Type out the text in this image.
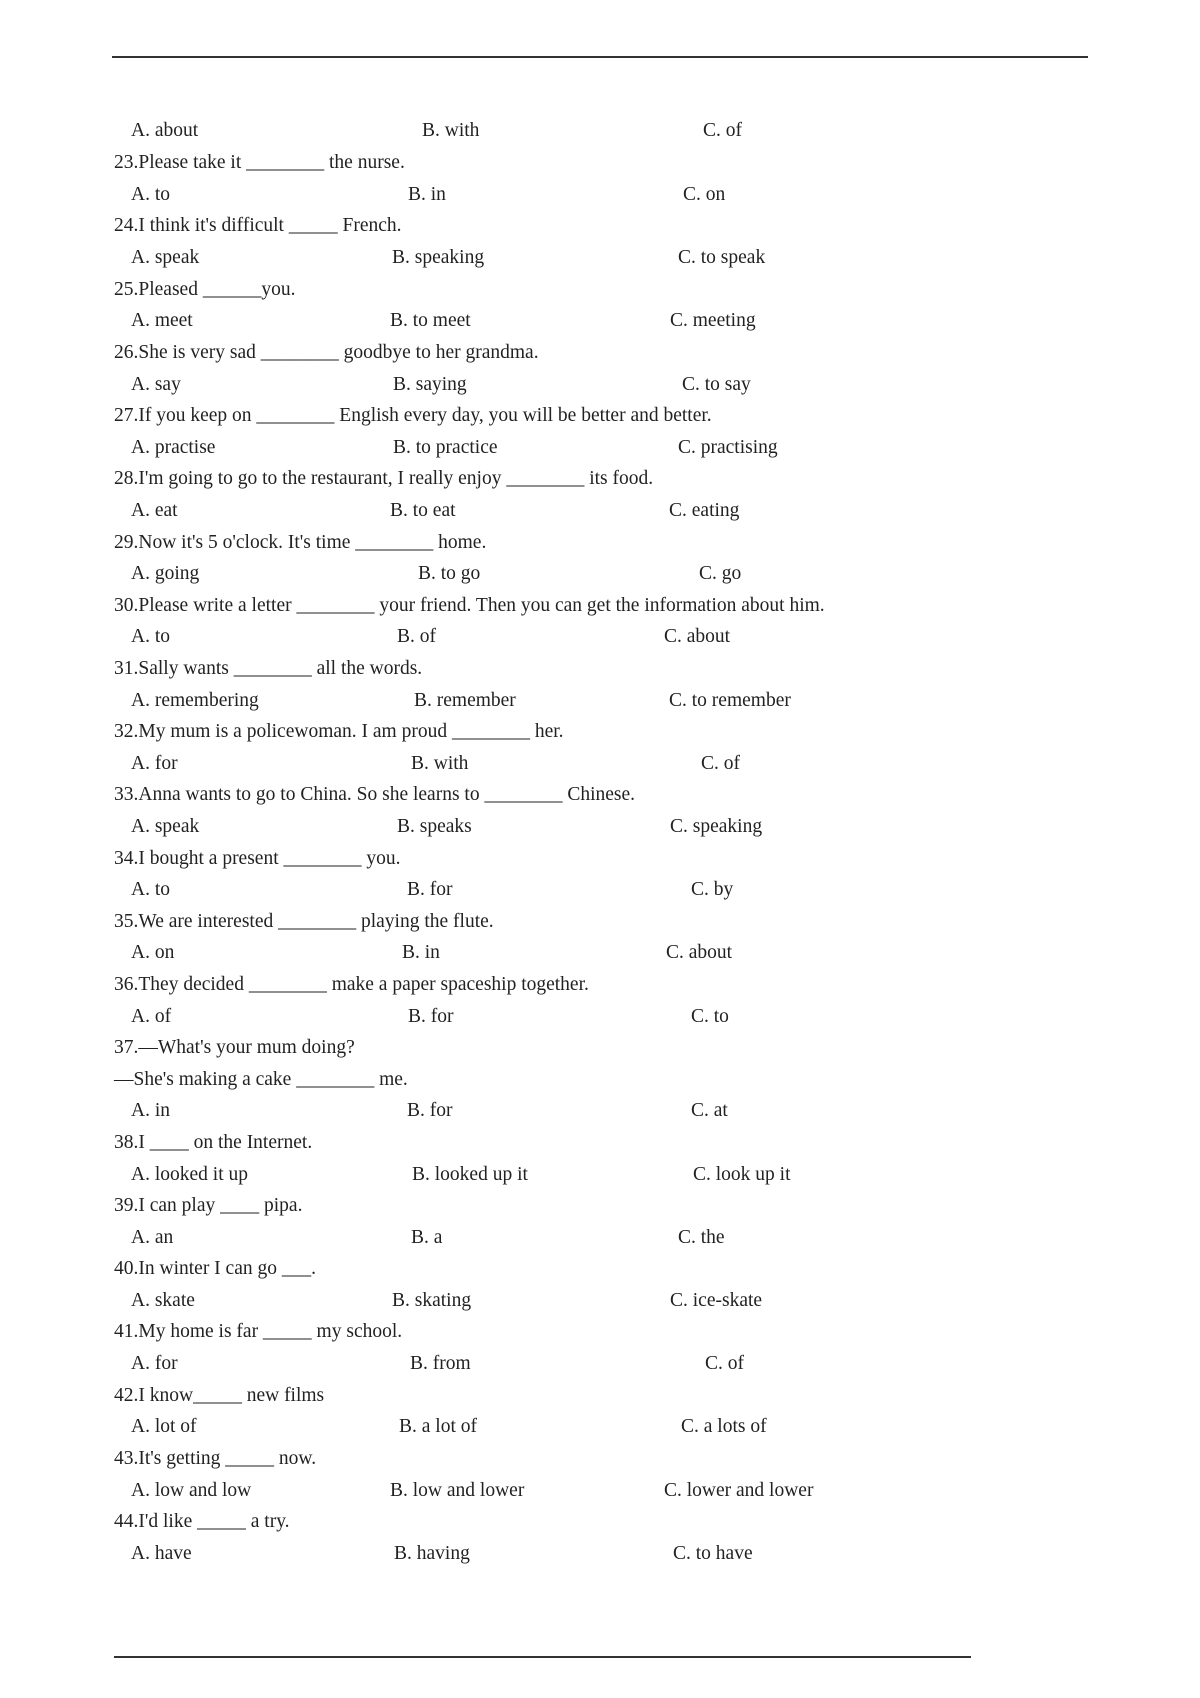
A. about	B. with	C. of
23.Please take it ________ the nurse.
A. to	B. in	C. on
24.I think it's difficult _____ French.
A. speak	B. speaking	C. to speak
25.Pleased ______you.
A. meet	B. to meet	C. meeting
26.She is very sad ________ goodbye to her grandma.
A. say	B. saying	C. to say
27.If you keep on ________ English every day, you will be better and better.
A. practise	B. to practice	C. practising
28.I'm going to go to the restaurant, I really enjoy ________ its food.
A. eat	B. to eat	C. eating
29.Now it's 5 o'clock. It's time ________ home.
A. going	B. to go	C. go
30.Please write a letter ________ your friend. Then you can get the information about him.
A. to	B. of	C. about
31.Sally wants ________ all the words.
A. remembering	B. remember	C. to remember
32.My mum is a policewoman. I am proud ________ her.
A. for	B. with	C. of
33.Anna wants to go to China. So she learns to ________ Chinese.
A. speak	B. speaks	C. speaking
34.I bought a present ________ you.
A. to	B. for	C. by
35.We are interested ________ playing the flute.
A. on	B. in	C. about
36.They decided ________ make a paper spaceship together.
A. of	B. for	C. to
37.—What's your mum doing?
—She's making a cake ________ me.
A. in	B. for	C. at
38.I ____ on the Internet.
A. looked it up	B. looked up it	C. look up it
39.I can play ____ pipa.
A. an	B. a	C. the
40.In winter I can go ___.
A. skate	B. skating	C. ice-skate
41.My home is far _____ my school.
A. for	B. from	C. of
42.I know_____ new films
A. lot of	B. a lot of	C. a lots of
43.It's getting _____ now.
A. low and low	B. low and lower	C. lower and lower
44.I'd like _____ a try.
A. have	B. having	C. to have
